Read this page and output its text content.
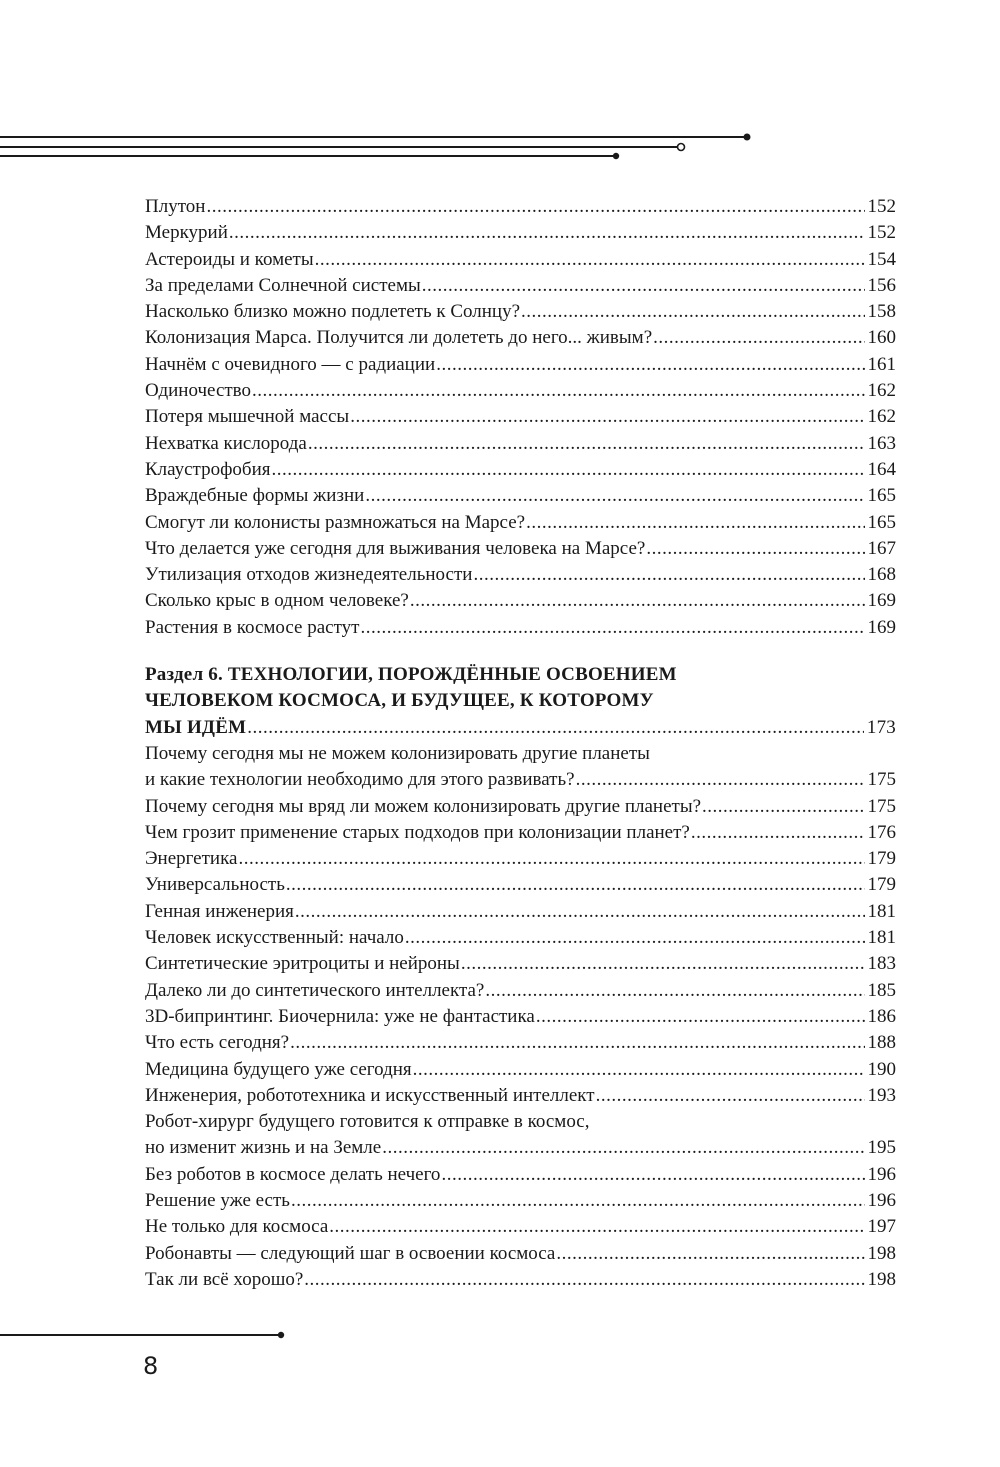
Плутон .....	152
Меркурий .....	152
Астероиды и кометы .....	154
За пределами Солнечной системы .....	156
Насколько близко можно подлететь к Солнцу? .....	158
Колонизация Марса. Получится ли долететь до него... живым? .....	160
Начнём с очевидного — с радиации .....	161
Одиночество .....	162
Потеря мышечной массы .....	162
Нехватка кислорода .....	163
Клаустрофобия .....	164
Враждебные формы жизни .....	165
Смогут ли колонисты размножаться на Марсе? .....	165
Что делается уже сегодня для выживания человека на Марсе? .....	167
Утилизация отходов жизнедеятельности .....	168
Сколько крыс в одном человеке? .....	169
Растения в космосе растут .....	169
Раздел 6. ТЕХНОЛОГИИ, ПОРОЖДЁННЫЕ ОСВОЕНИЕМ
ЧЕЛОВЕКОМ КОСМОСА, И БУДУЩЕЕ, К КОТОРОМУ
МЫ ИДЁМ .....	173
Почему сегодня мы не можем колонизировать другие планеты
и какие технологии необходимо для этого развивать? .....	175
Почему сегодня мы вряд ли можем колонизировать другие планеты? .....	175
Чем грозит применение старых подходов при колонизации планет? .....	176
Энергетика .....	179
Универсальность .....	179
Генная инженерия .....	181
Человек искусственный: начало .....	181
Синтетические эритроциты и нейроны .....	183
Далеко ли до синтетического интеллекта? .....	185
3D-бипринтинг. Биочернила: уже не фантастика .....	186
Что есть сегодня? .....	188
Медицина будущего уже сегодня .....	190
Инженерия, робототехника и искусственный интеллект .....	193
Робот-хирург будущего готовится к отправке в космос,
но изменит жизнь и на Земле .....	195
Без роботов в космосе делать нечего .....	196
Решение уже есть .....	196
Не только для космоса .....	197
Робонавты — следующий шаг в освоении космоса .....	198
Так ли всё хорошо? .....	198
8
